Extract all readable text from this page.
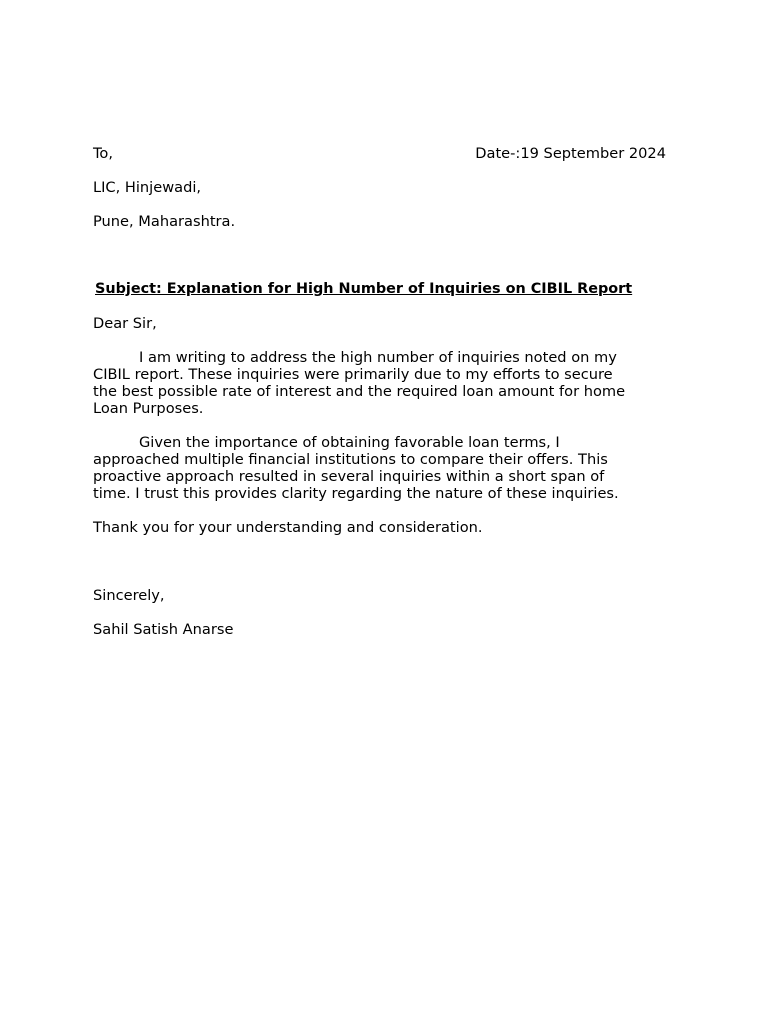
To,	Date-:19 September 2024

LIC, Hinjewadi,

Pune, Maharashtra.

Subject: Explanation for High Number of Inquiries on CIBIL Report

Dear Sir,

I am writing to address the high number of inquiries noted on my
CIBIL report. These inquiries were primarily due to my efforts to secure
the best possible rate of interest and the required loan amount for home
Loan Purposes.

Given the importance of obtaining favorable loan terms, I
approached multiple financial institutions to compare their offers. This
proactive approach resulted in several inquiries within a short span of
time. I trust this provides clarity regarding the nature of these inquiries.

Thank you for your understanding and consideration.

Sincerely,

Sahil Satish Anarse
